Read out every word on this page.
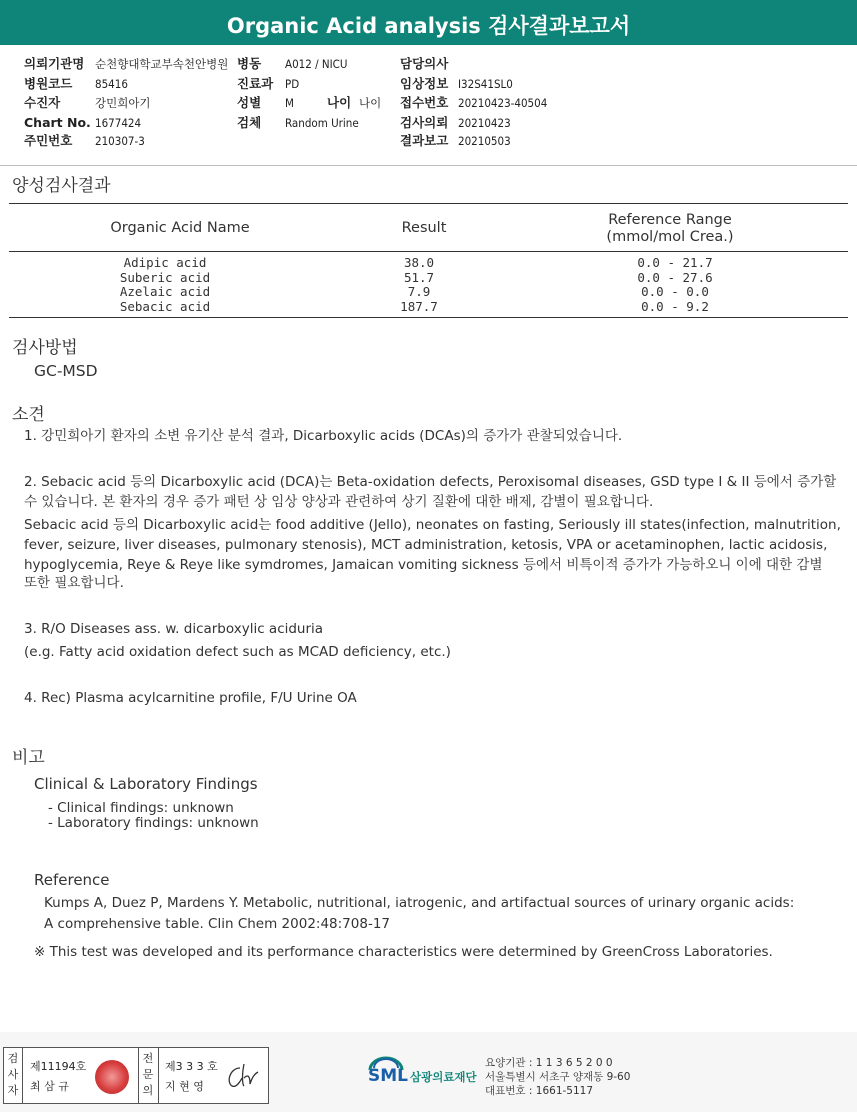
Organic Acid analysis 검사결과보고서
의뢰기관명 순천향대학교부속천안병원
병원코드 85416
수진자	강민희아기
Chart No. 1677424
주민번호 210307-3
병동 A012 / NICU
진료과 PD
성별 M	나이 나이
검체 Random Urine
담당의사
임상정보 I32S41SL0
접수번호 20210423-40504
검사의뢰 20210423
결과보고 20210503
양성검사결과
Organic Acid Name	Result	Reference Range
(mmol/mol Crea.)
Adipic acid	38.0	0.0 - 21.7
Suberic acid	51.7	0.0 - 27.6
Azelaic acid	7.9	0.0 - 0.0
Sebacic acid	187.7	0.0 - 9.2
검사방법
GC-MSD
소견
1. 강민희아기 환자의 소변 유기산 분석 결과, Dicarboxylic acids (DCAs)의 증가가 관찰되었습니다.
2. Sebacic acid 등의 Dicarboxylic acid (DCA)는 Beta-oxidation defects, Peroxisomal diseases, GSD type I & II 등에서 증가할
수 있습니다. 본 환자의 경우 증가 패턴 상 임상 양상과 관련하여 상기 질환에 대한 배제, 감별이 필요합니다.
Sebacic acid 등의 Dicarboxylic acid는 food additive (Jello), neonates on fasting, Seriously ill states(infection, malnutrition,
fever, seizure, liver diseases, pulmonary stenosis), MCT administration, ketosis, VPA or acetaminophen, lactic acidosis,
hypoglycemia, Reye & Reye like symdromes, Jamaican vomiting sickness 등에서 비특이적 증가가 가능하오니 이에 대한 감별
또한 필요합니다.
3. R/O Diseases ass. w. dicarboxylic aciduria
(e.g. Fatty acid oxidation defect such as MCAD deficiency, etc.)
4. Rec) Plasma acylcarnitine profile, F/U Urine OA
비고
Clinical & Laboratory Findings
- Clinical findings: unknown
- Laboratory findings: unknown
Reference
Kumps A, Duez P, Mardens Y. Metabolic, nutritional, iatrogenic, and artifactual sources of urinary organic acids:
A comprehensive table. Clin Chem 2002:48:708-17
※ This test was developed and its performance characteristics were determined by GreenCross Laboratories.
검사자
제11194호
최 삼 규
전문의
제3 3 3 호
지 현 영
SML 삼광의료재단
요양기관 : 1 1 3 6 5 2 0 0
서울특별시 서초구 양재동 9-60
대표번호 : 1661-5117
